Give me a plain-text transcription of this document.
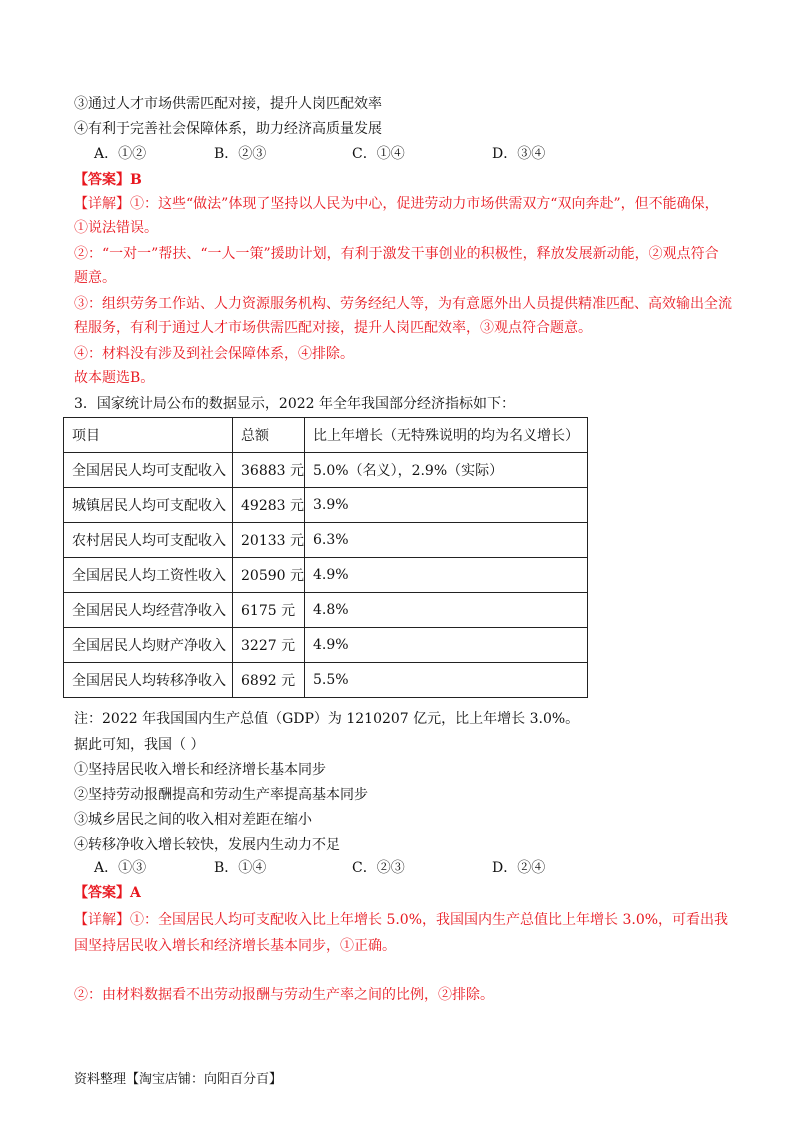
③通过人才市场供需匹配对接，提升人岗匹配效率
④有利于完善社会保障体系，助力经济高质量发展
A．①②	B．②③	C．①④	D．③④
【答案】B
【详解】①：这些“做法”体现了坚持以人民为中心，促进劳动力市场供需双方“双向奔赴”，但不能确保，①说法错误。
②：“一对一”帮扶、“一人一策”援助计划，有利于激发干事创业的积极性，释放发展新动能，②观点符合题意。
③：组织劳务工作站、人力资源服务机构、劳务经纪人等，为有意愿外出人员提供精准匹配、高效输出全流程服务，有利于通过人才市场供需匹配对接，提升人岗匹配效率，③观点符合题意。
④：材料没有涉及到社会保障体系，④排除。
故本题选B。
3．国家统计局公布的数据显示，2022 年全年我国部分经济指标如下：
项目	总额	比上年增长（无特殊说明的均为名义增长）
全国居民人均可支配收入	36883 元	5.0%（名义），2.9%（实际）
城镇居民人均可支配收入	49283 元	3.9%
农村居民人均可支配收入	20133 元	6.3%
全国居民人均工资性收入	20590 元	4.9%
全国居民人均经营净收入	6175 元	4.8%
全国居民人均财产净收入	3227 元	4.9%
全国居民人均转移净收入	6892 元	5.5%
注：2022 年我国国内生产总值（GDP）为 1210207 亿元，比上年增长 3.0%。
据此可知，我国（ ）
①坚持居民收入增长和经济增长基本同步
②坚持劳动报酬提高和劳动生产率提高基本同步
③城乡居民之间的收入相对差距在缩小
④转移净收入增长较快，发展内生动力不足
A．①③	B．①④	C．②③	D．②④
【答案】A
【详解】①：全国居民人均可支配收入比上年增长 5.0%，我国国内生产总值比上年增长 3.0%，可看出我国坚持居民收入增长和经济增长基本同步，①正确。
②：由材料数据看不出劳动报酬与劳动生产率之间的比例，②排除。
资料整理【淘宝店铺：向阳百分百】
